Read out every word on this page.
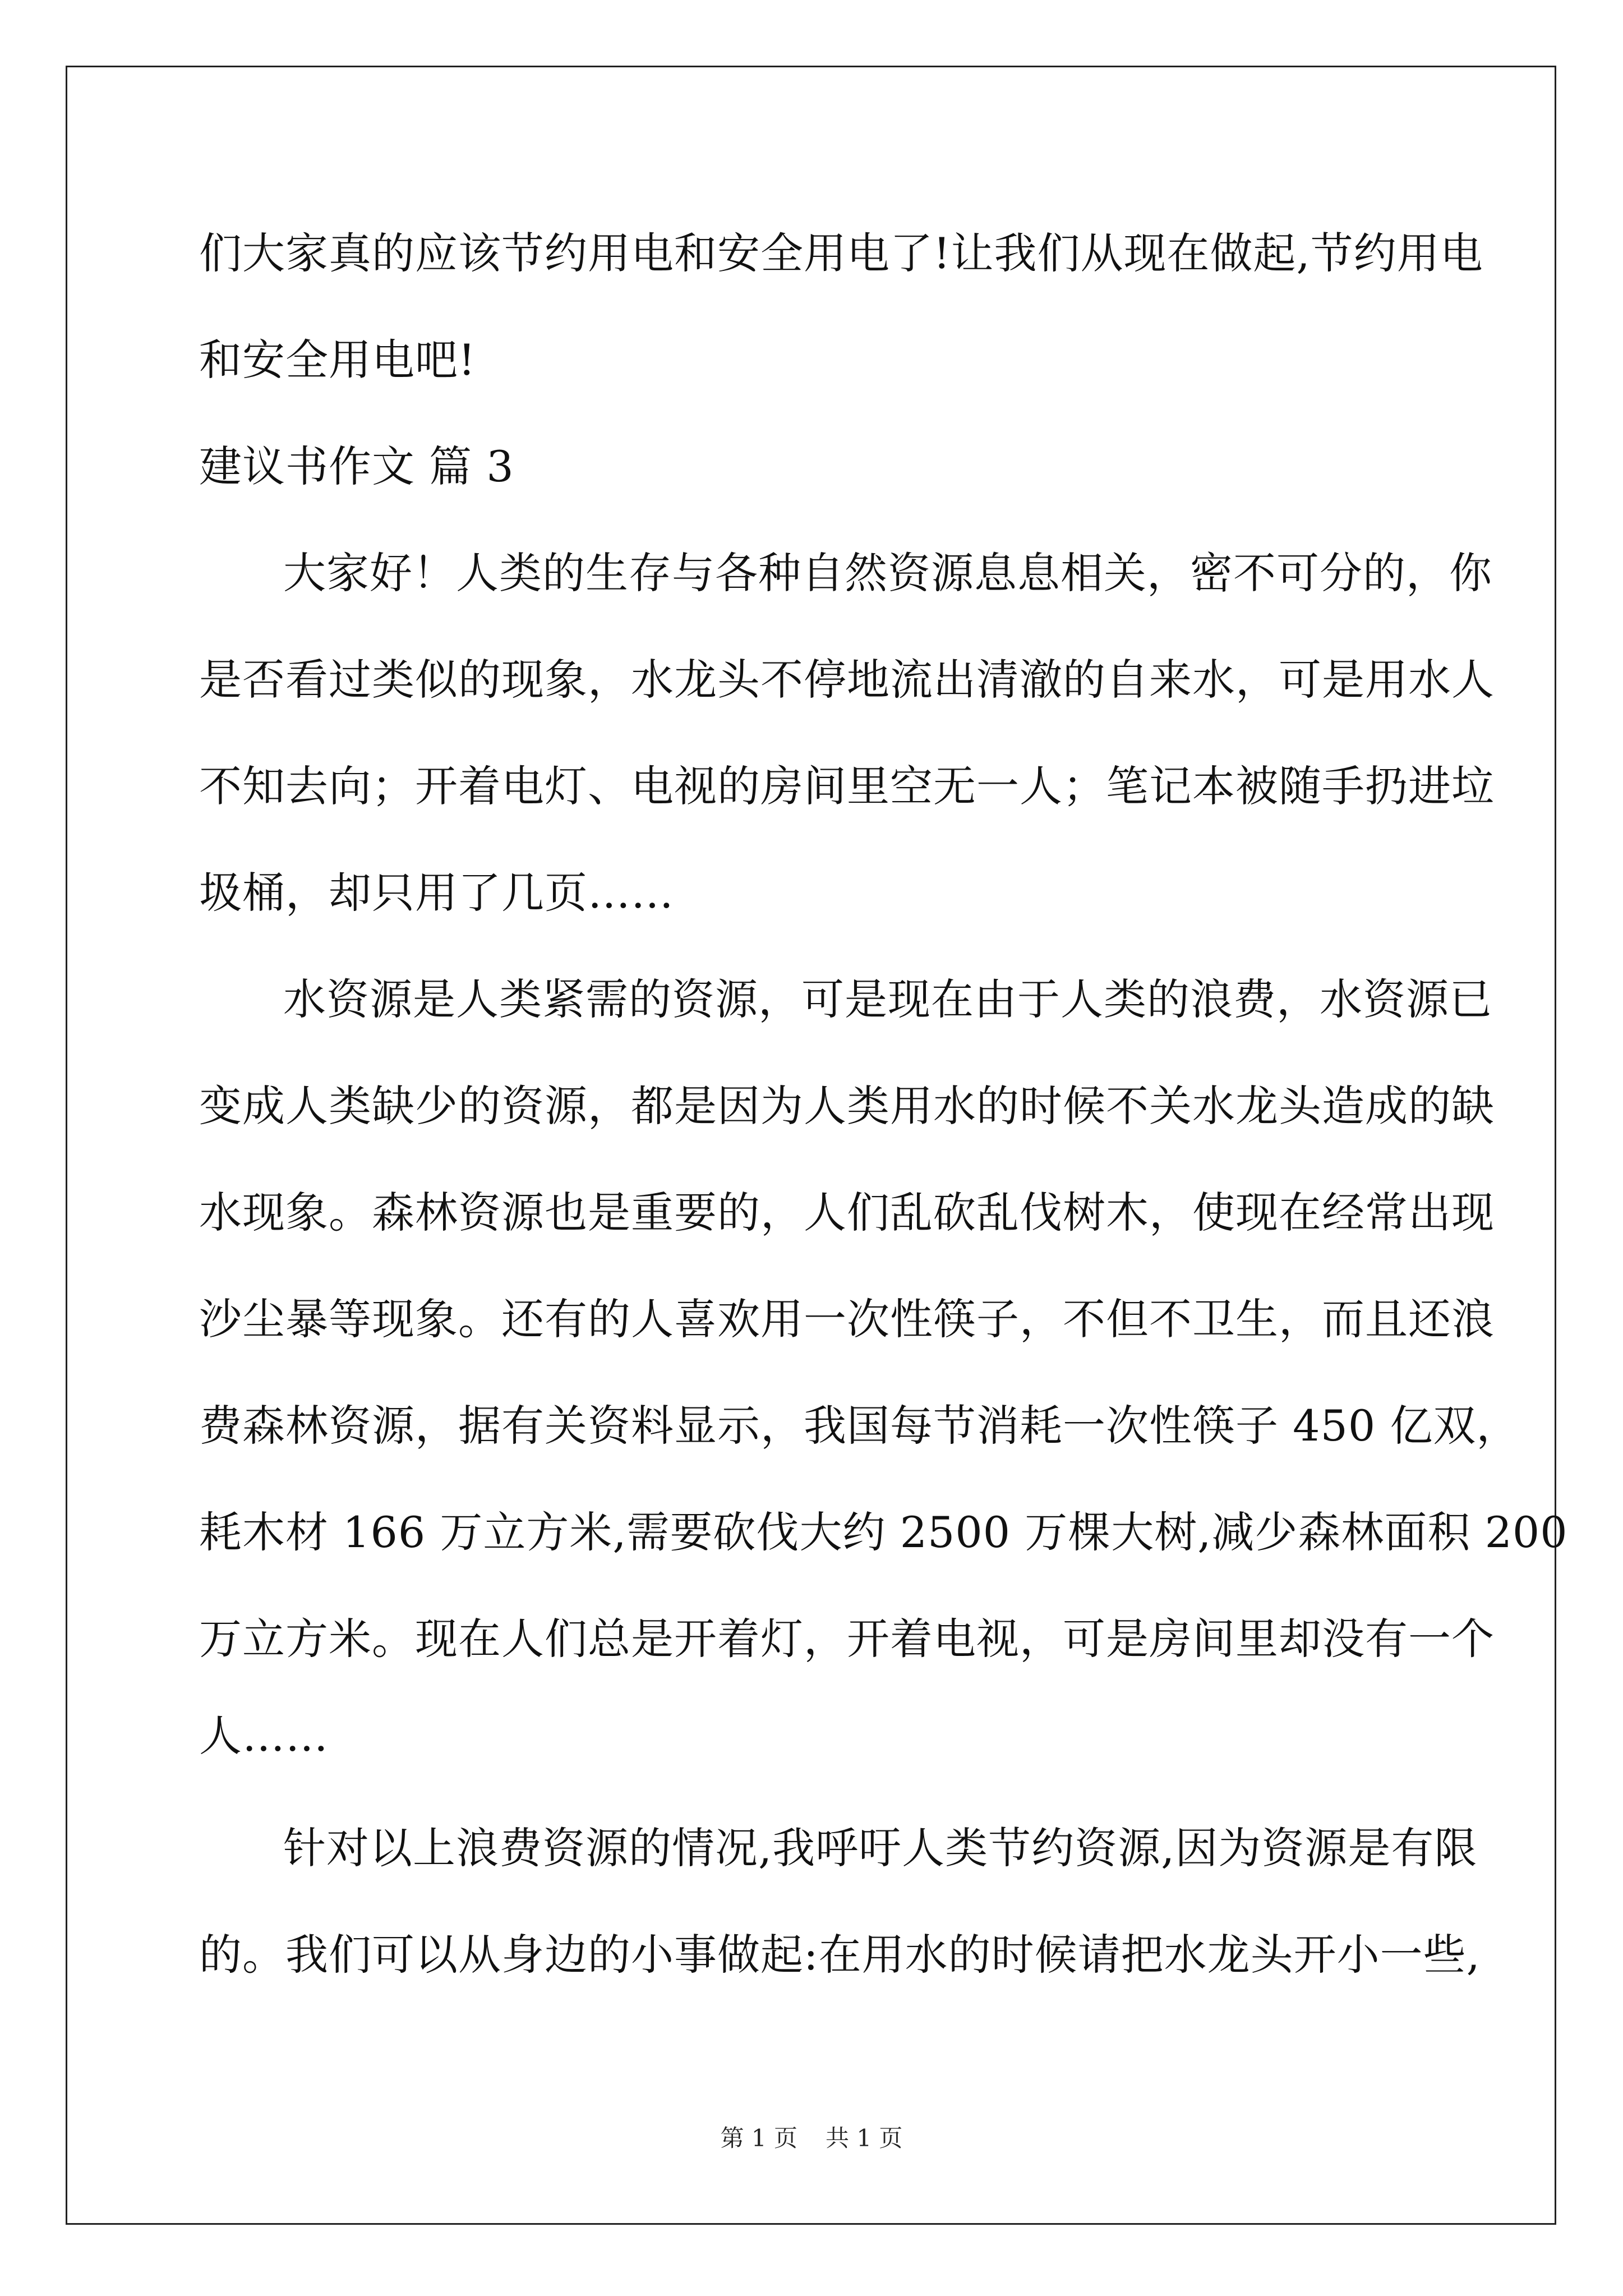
们大家真的应该节约用电和安全用电了!让我们从现在做起,节约用电
和安全用电吧!
建议书作文 篇 3
大家好！人类的生存与各种自然资源息息相关，密不可分的，你
是否看过类似的现象，水龙头不停地流出清澈的自来水，可是用水人
不知去向；开着电灯、电视的房间里空无一人；笔记本被随手扔进垃
圾桶，却只用了几页……
水资源是人类紧需的资源，可是现在由于人类的浪费，水资源已
变成人类缺少的资源，都是因为人类用水的时候不关水龙头造成的缺
水现象。森林资源也是重要的，人们乱砍乱伐树木，使现在经常出现
沙尘暴等现象。还有的人喜欢用一次性筷子，不但不卫生，而且还浪
费森林资源，据有关资料显示，我国每节消耗一次性筷子 450 亿双，
耗木材 166 万立方米,需要砍伐大约 2500 万棵大树,减少森林面积 200
万立方米。现在人们总是开着灯，开着电视，可是房间里却没有一个
人……
针对以上浪费资源的情况,我呼吁人类节约资源,因为资源是有限
的。我们可以从身边的小事做起:在用水的时候请把水龙头开小一些,
第 1 页 共 1 页
